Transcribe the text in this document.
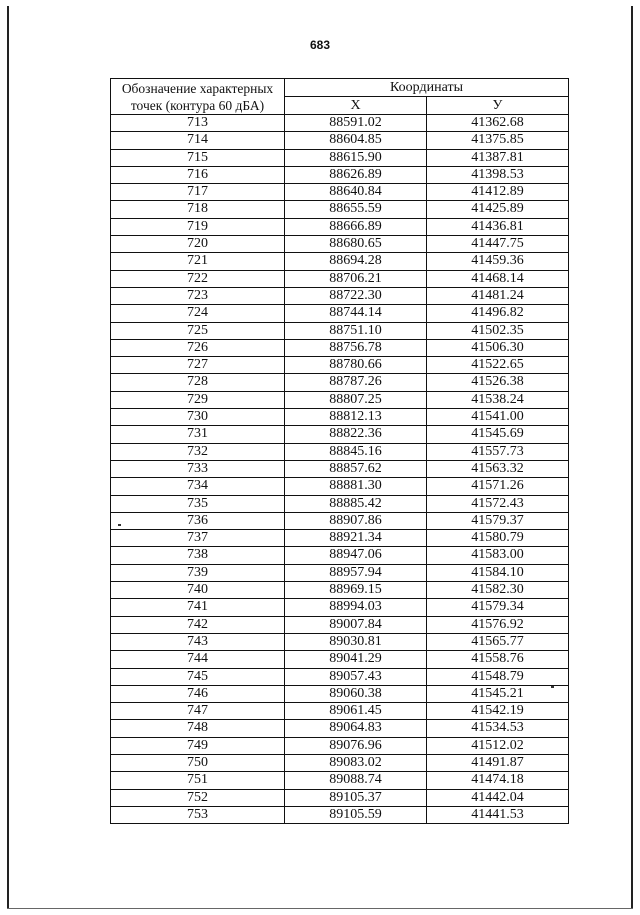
683
Обозначение характерных точек (контура 60 дБА)	Координаты	
	X	У
713	88591.02	41362.68
714	88604.85	41375.85
715	88615.90	41387.81
716	88626.89	41398.53
717	88640.84	41412.89
718	88655.59	41425.89
719	88666.89	41436.81
720	88680.65	41447.75
721	88694.28	41459.36
722	88706.21	41468.14
723	88722.30	41481.24
724	88744.14	41496.82
725	88751.10	41502.35
726	88756.78	41506.30
727	88780.66	41522.65
728	88787.26	41526.38
729	88807.25	41538.24
730	88812.13	41541.00
731	88822.36	41545.69
732	88845.16	41557.73
733	88857.62	41563.32
734	88881.30	41571.26
735	88885.42	41572.43
736	88907.86	41579.37
737	88921.34	41580.79
738	88947.06	41583.00
739	88957.94	41584.10
740	88969.15	41582.30
741	88994.03	41579.34
742	89007.84	41576.92
743	89030.81	41565.77
744	89041.29	41558.76
745	89057.43	41548.79
746	89060.38	41545.21
747	89061.45	41542.19
748	89064.83	41534.53
749	89076.96	41512.02
750	89083.02	41491.87
751	89088.74	41474.18
752	89105.37	41442.04
753	89105.59	41441.53
